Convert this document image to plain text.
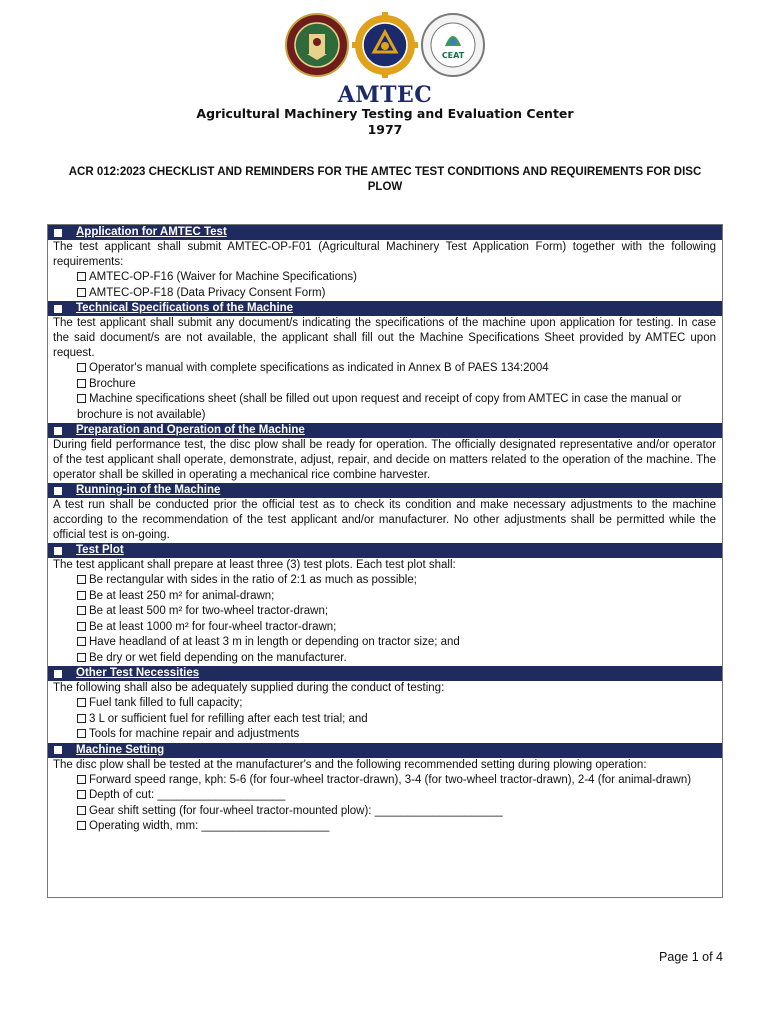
CEAT
AMTEC
Agricultural Machinery Testing and Evaluation Center
1977
ACR 012:2023 CHECKLIST AND REMINDERS FOR THE AMTEC TEST CONDITIONS AND REQUIREMENTS FOR DISC PLOW
Application for AMTEC Test
The test applicant shall submit AMTEC-OP-F01 (Agricultural Machinery Test Application Form) together with the following requirements:
AMTEC-OP-F16 (Waiver for Machine Specifications)
AMTEC-OP-F18 (Data Privacy Consent Form)
Technical Specifications of the Machine
The test applicant shall submit any document/s indicating the specifications of the machine upon application for testing. In case the said document/s are not available, the applicant shall fill out the Machine Specifications Sheet provided by AMTEC upon request.
Operator's manual with complete specifications as indicated in Annex B of PAES 134:2004
Brochure
Machine specifications sheet (shall be filled out upon request and receipt of copy from AMTEC in case the manual or brochure is not available)
Preparation and Operation of the Machine
During field performance test, the disc plow shall be ready for operation. The officially designated representative and/or operator of the test applicant shall operate, demonstrate, adjust, repair, and decide on matters related to the operation of the machine. The operator shall be skilled in operating a mechanical rice combine harvester.
Running-in of the Machine
A test run shall be conducted prior the official test as to check its condition and make necessary adjustments to the machine according to the recommendation of the test applicant and/or manufacturer. No other adjustments shall be permitted while the official test is on-going.
Test Plot
The test applicant shall prepare at least three (3) test plots. Each test plot shall:
Be rectangular with sides in the ratio of 2:1 as much as possible;
Be at least 250 m² for animal-drawn;
Be at least 500 m² for two-wheel tractor-drawn;
Be at least 1000 m² for four-wheel tractor-drawn;
Have headland of at least 3 m in length or depending on tractor size; and
Be dry or wet field depending on the manufacturer.
Other Test Necessities
The following shall also be adequately supplied during the conduct of testing:
Fuel tank filled to full capacity;
3 L or sufficient fuel for refilling after each test trial; and
Tools for machine repair and adjustments
Machine Setting
The disc plow shall be tested at the manufacturer's and the following recommended setting during plowing operation:
Forward speed range, kph: 5-6 (for four-wheel tractor-drawn), 3-4 (for two-wheel tractor-drawn), 2-4 (for animal-drawn)
Depth of cut: ____________________
Gear shift setting (for four-wheel tractor-mounted plow): ____________________
Operating width, mm: ____________________
Page 1 of 4
